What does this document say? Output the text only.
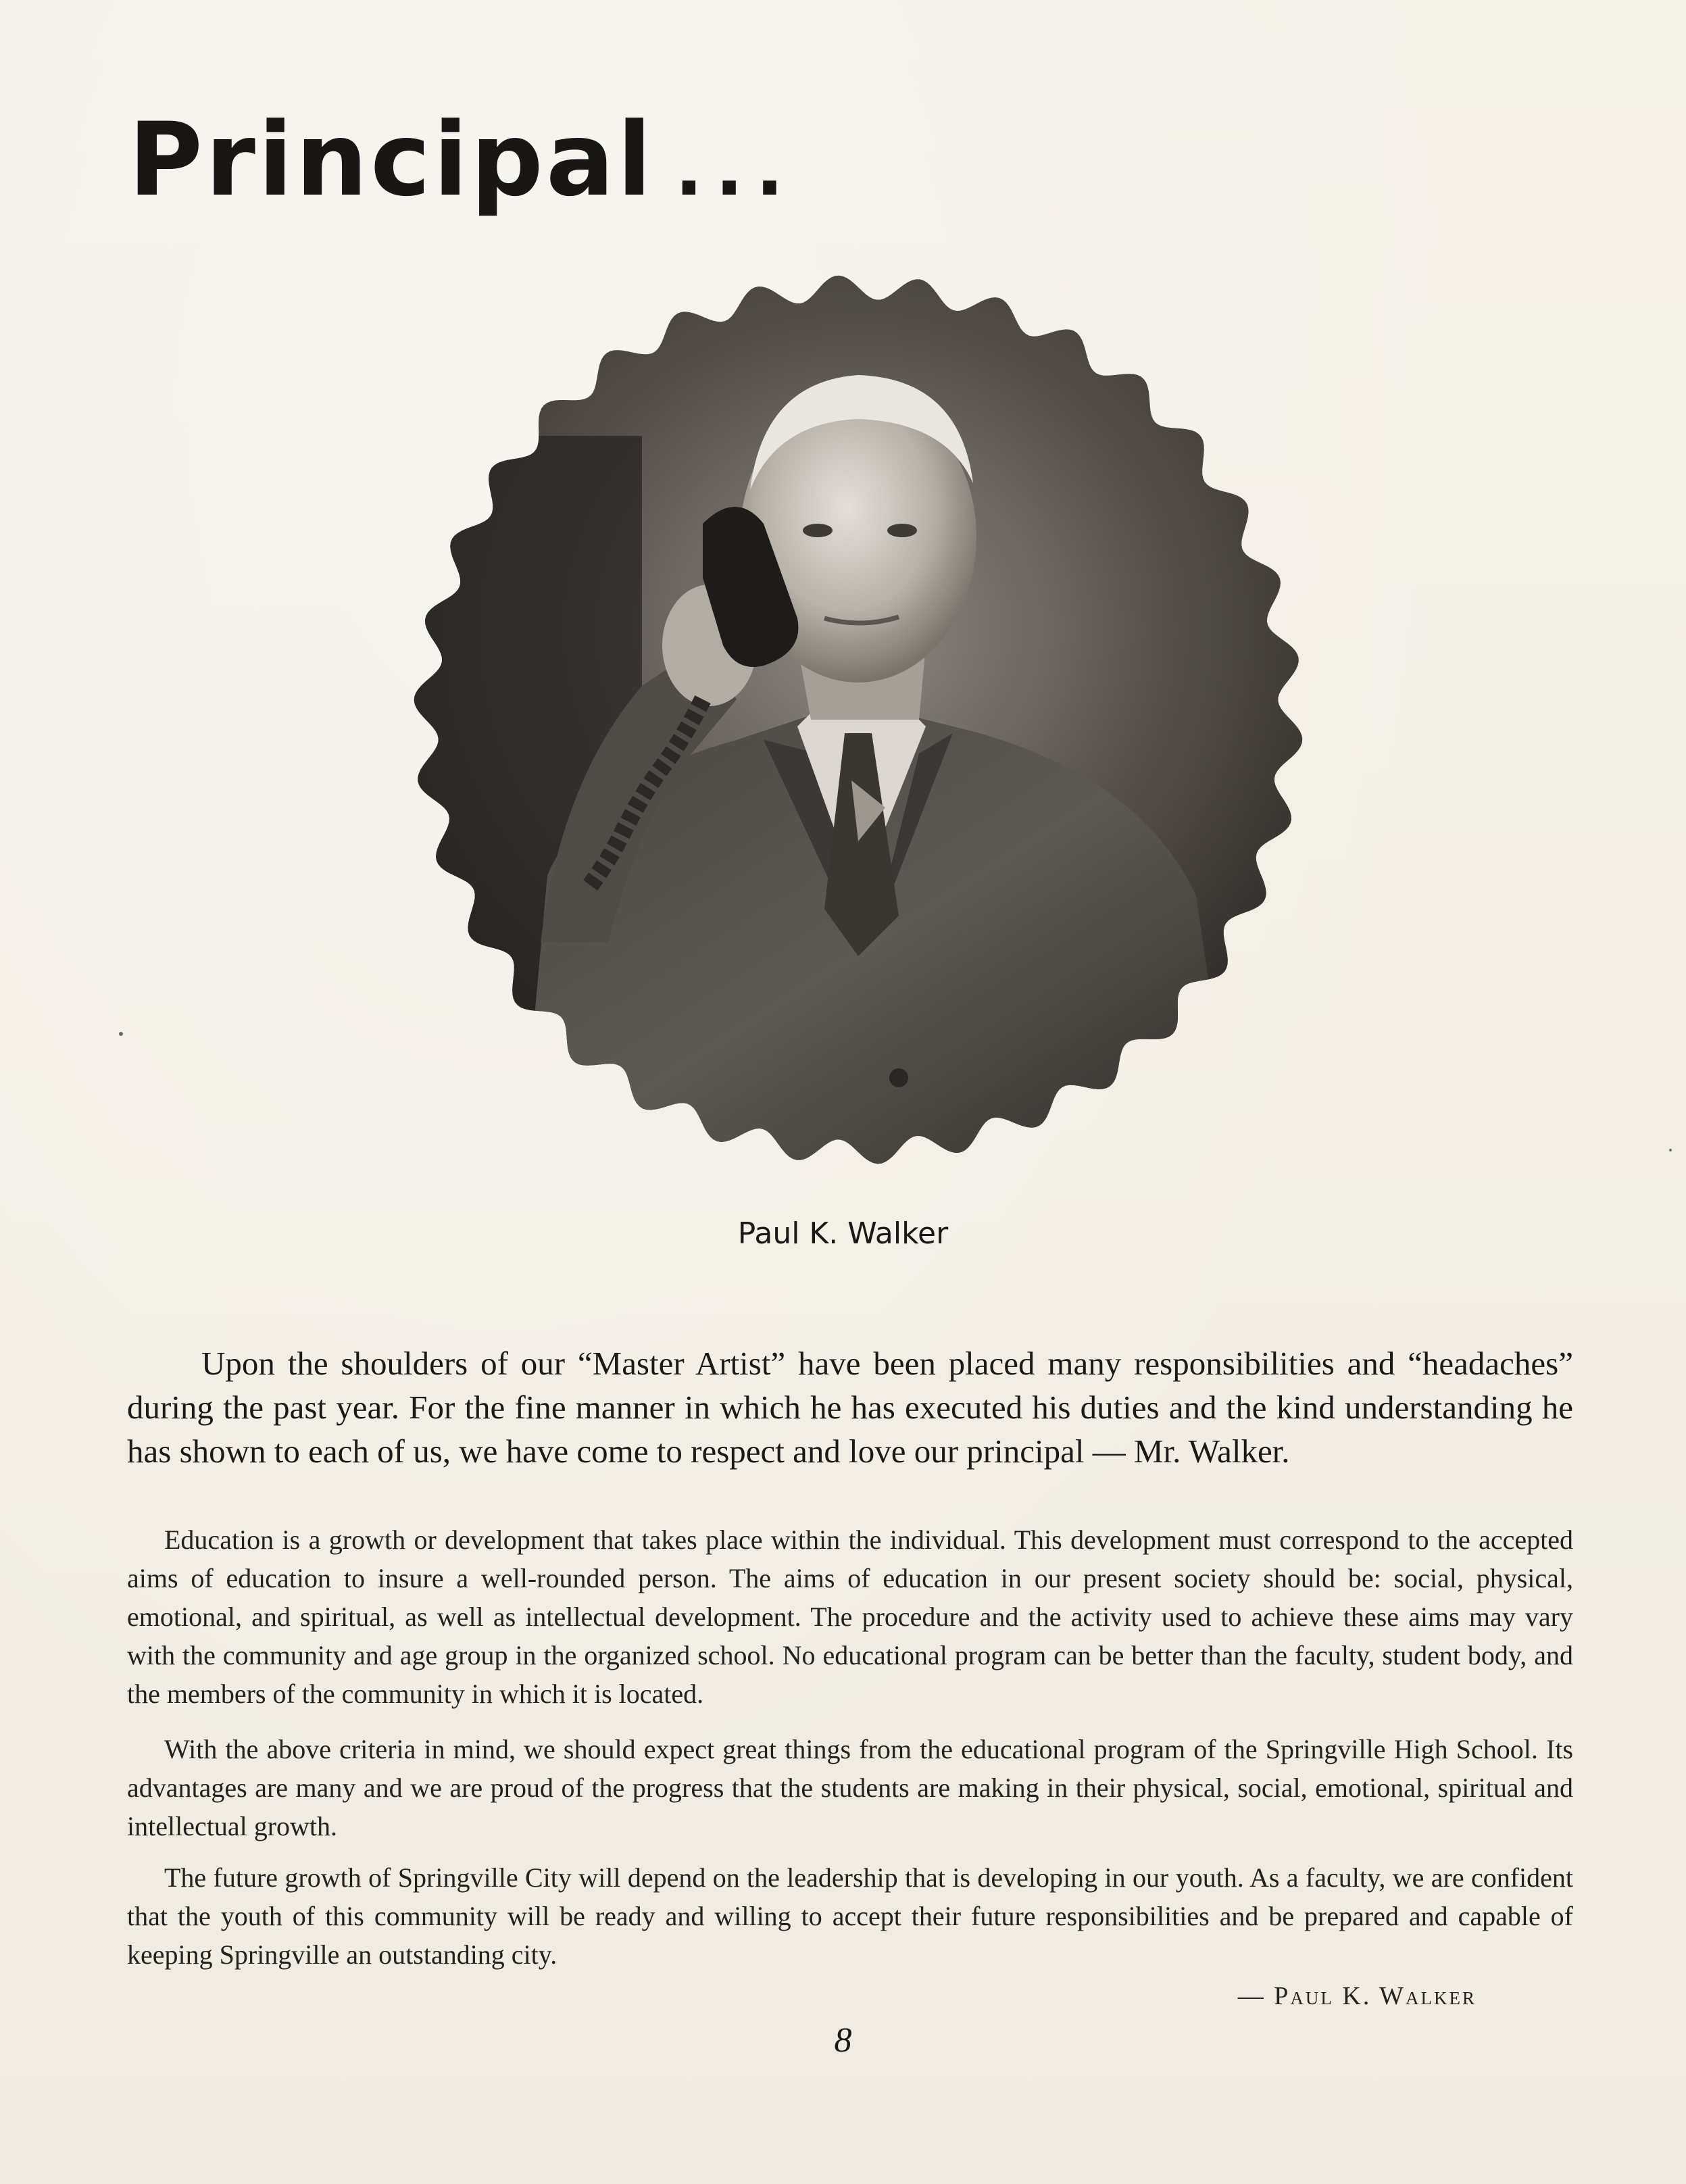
Principal ...
Paul K. Walker

Upon the shoulders of our “Master Artist” have been placed many responsibilities and “headaches” during the past year. For the fine manner in which he has executed his duties and the kind understanding he has shown to each of us, we have come to respect and love our principal — Mr. Walker.

Education is a growth or development that takes place within the individual. This development must correspond to the accepted aims of education to insure a well-rounded person. The aims of education in our present society should be: social, physical, emotional, and spiritual, as well as intellectual development. The procedure and the activity used to achieve these aims may vary with the community and age group in the organized school. No educational program can be better than the faculty, student body, and the members of the community in which it is located.

With the above criteria in mind, we should expect great things from the educational program of the Springville High School. Its advantages are many and we are proud of the progress that the students are making in their physical, social, emotional, spiritual and intellectual growth.

The future growth of Springville City will depend on the leadership that is developing in our youth. As a faculty, we are confident that the youth of this community will be ready and willing to accept their future responsibilities and be prepared and capable of keeping Springville an outstanding city.

— Paul K. Walker
8
